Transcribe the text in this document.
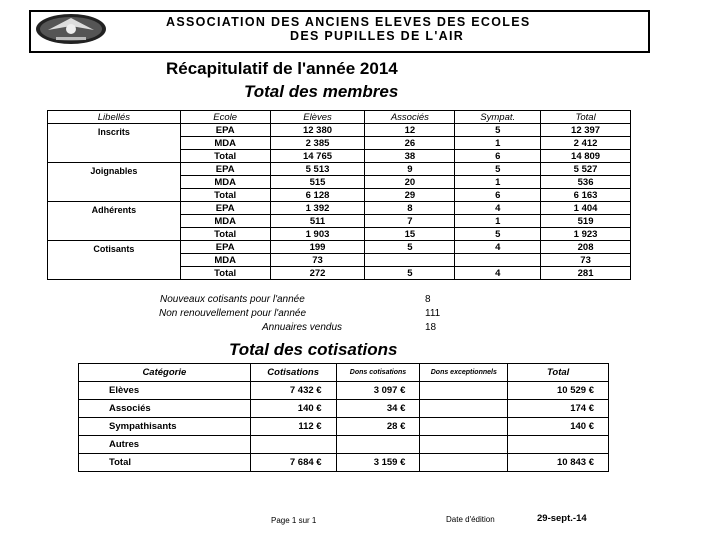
ASSOCIATION DES ANCIENS ELEVES DES ECOLES
DES PUPILLES DE L'AIR
Récapitulatif de l'année 2014
Total des membres
Libellés	Ecole	Elèves	Associés	Sympat.	Total
Inscrits	EPA	12 380	12	5	12 397
	MDA	2 385	26	1	2 412
	Total	14 765	38	6	14 809
Joignables	EPA	5 513	9	5	5 527
	MDA	515	20	1	536
	Total	6 128	29	6	6 163
Adhérents	EPA	1 392	8	4	1 404
	MDA	511	7	1	519
	Total	1 903	15	5	1 923
Cotisants	EPA	199	5	4	208
	MDA	73			73
	Total	272	5	4	281
Nouveaux cotisants pour l'année	8
Non renouvellement pour l'année	111
Annuaires vendus	18
Total des cotisations
Catégorie	Cotisations	Dons cotisations	Dons exceptionnels	Total
Elèves	7 432 €	3 097 €		10 529 €
Associés	140 €	34 €		174 €
Sympathisants	112 €	28 €		140 €
Autres				
Total	7 684 €	3 159 €		10 843 €
Page 1 sur 1	Date d'édition	29-sept.-14
